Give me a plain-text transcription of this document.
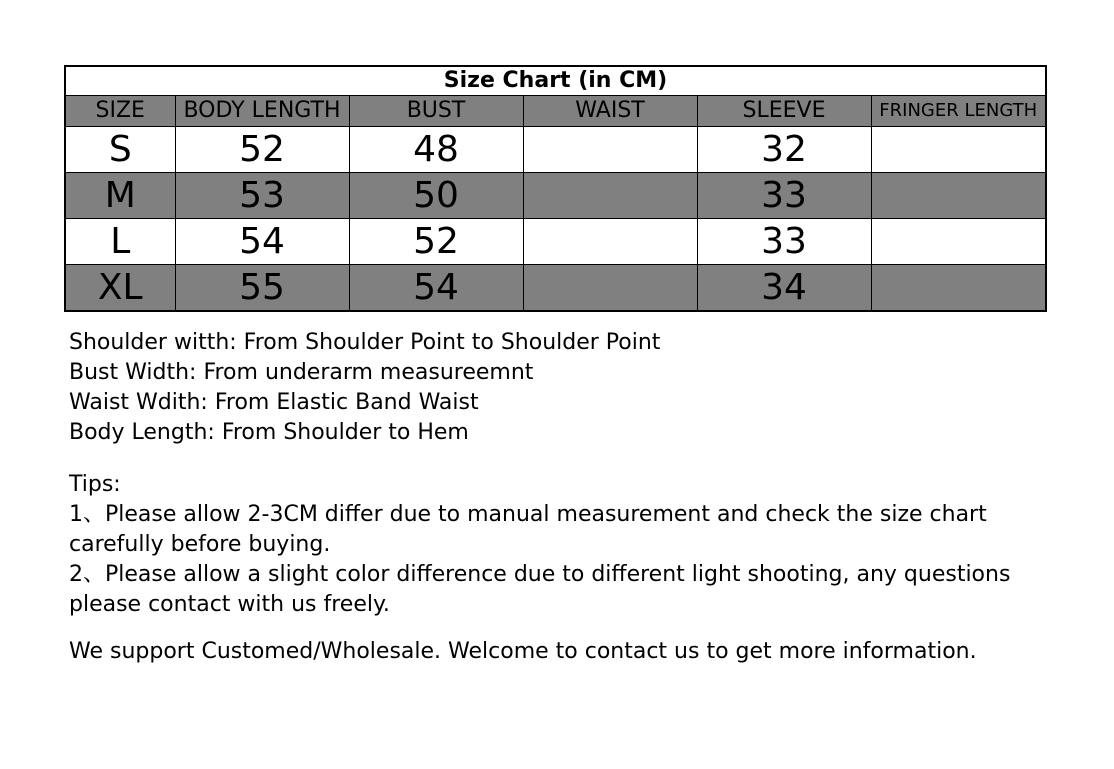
Size Chart (in CM)					
SIZE	BODY LENGTH	BUST	WAIST	SLEEVE	FRINGER LENGTH
S	52	48		32	
M	53	50		33	
L	54	52		33	
XL	55	54		34	

Shoulder witth: From Shoulder Point to Shoulder Point

Bust Width: From underarm measureemnt

Waist Wdith: From Elastic Band Waist

Body Length: From Shoulder to Hem

Tips:

1、Please allow 2-3CM differ due to manual measurement and check the size chart

carefully before buying.

2、Please allow a slight color difference due to different light shooting, any questions

please contact with us freely.

We support Customed/Wholesale. Welcome to contact us to get more information.
